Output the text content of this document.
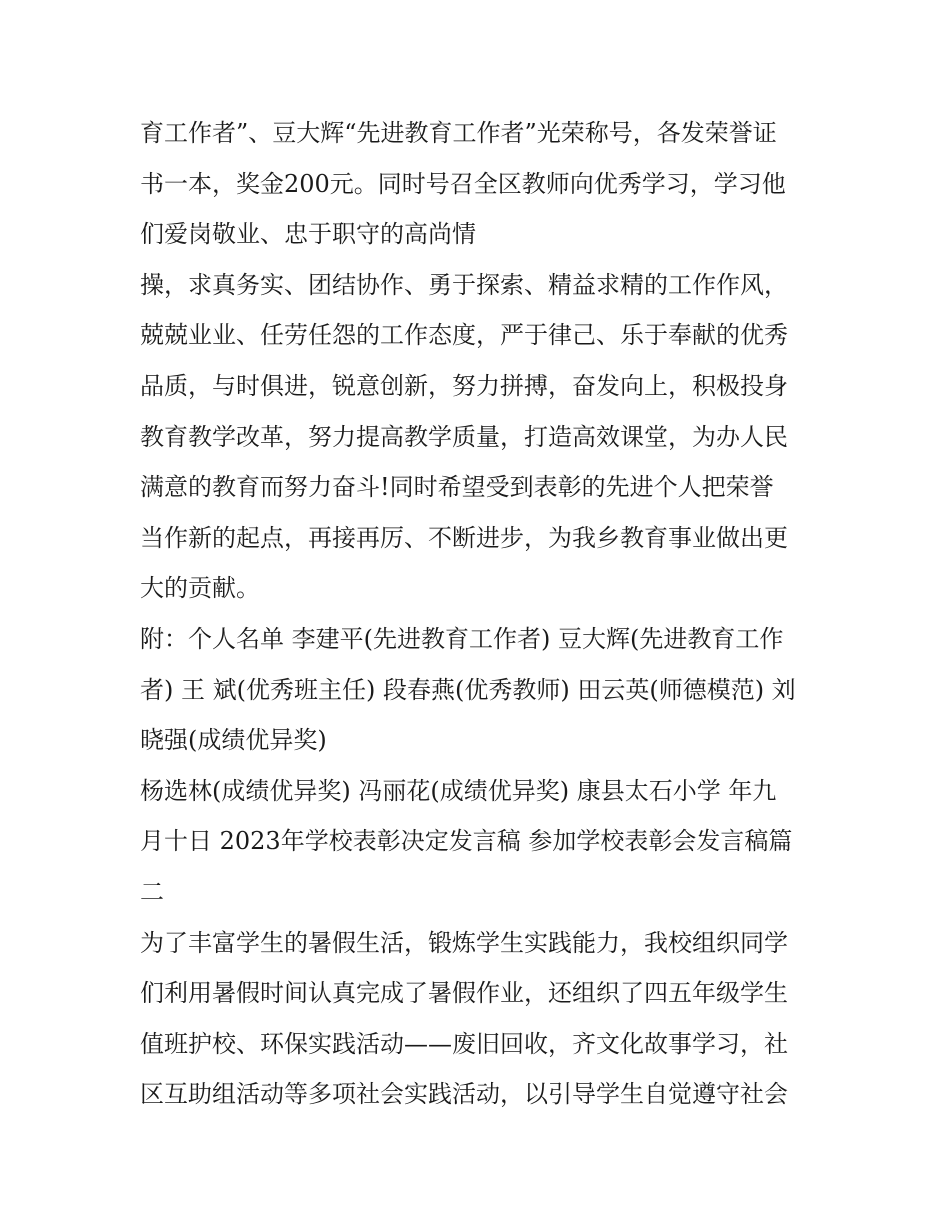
育工作者”、豆大辉“先进教育工作者”光荣称号，各发荣誉证
书一本，奖金200元。同时号召全区教师向优秀学习，学习他
们爱岗敬业、忠于职守的高尚情
操，求真务实、团结协作、勇于探索、精益求精的工作作风，
兢兢业业、任劳任怨的工作态度，严于律己、乐于奉献的优秀
品质，与时俱进，锐意创新，努力拼搏，奋发向上，积极投身
教育教学改革，努力提高教学质量，打造高效课堂，为办人民
满意的教育而努力奋斗!同时希望受到表彰的先进个人把荣誉
当作新的起点，再接再厉、不断进步，为我乡教育事业做出更
大的贡献。
附：个人名单 李建平(先进教育工作者) 豆大辉(先进教育工作
者) 王 斌(优秀班主任) 段春燕(优秀教师) 田云英(师德模范) 刘
晓强(成绩优异奖)
杨选林(成绩优异奖) 冯丽花(成绩优异奖) 康县太石小学 年九
月十日 2023年学校表彰决定发言稿 参加学校表彰会发言稿篇
二
为了丰富学生的暑假生活，锻炼学生实践能力，我校组织同学
们利用暑假时间认真完成了暑假作业，还组织了四五年级学生
值班护校、环保实践活动——废旧回收，齐文化故事学习，社
区互助组活动等多项社会实践活动，以引导学生自觉遵守社会
